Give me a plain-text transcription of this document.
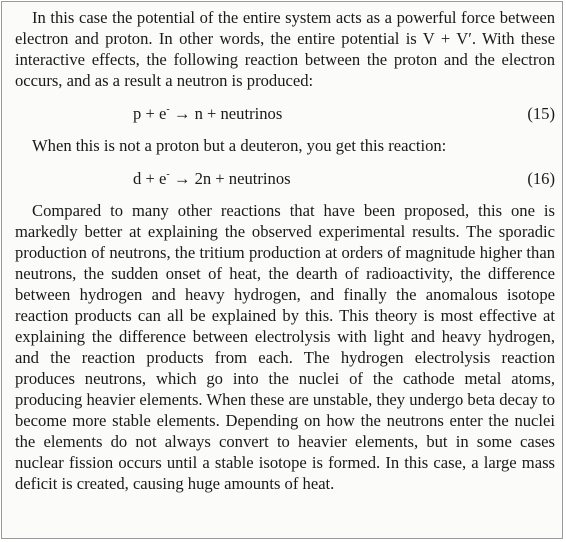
In this case the potential of the entire system acts as a powerful force between electron and proton. In other words, the entire potential is V + V′. With these interactive effects, the following reaction between the proton and the electron occurs, and as a result a neutron is produced:

p + e- → n + neutrinos	(15)

When this is not a proton but a deuteron, you get this reaction:

d + e- → 2n + neutrinos	(16)

Compared to many other reactions that have been proposed, this one is markedly better at explaining the observed experimental results. The sporadic production of neutrons, the tritium production at orders of magnitude higher than neutrons, the sudden onset of heat, the dearth of radioactivity, the difference between hydrogen and heavy hydrogen, and finally the anomalous isotope reaction products can all be explained by this. This theory is most effective at explaining the difference between electrolysis with light and heavy hydrogen, and the reaction products from each. The hydrogen electrolysis reaction produces neutrons, which go into the nuclei of the cathode metal atoms, producing heavier elements. When these are unstable, they undergo beta decay to become more stable elements. Depending on how the neutrons enter the nuclei the elements do not always convert to heavier elements, but in some cases nuclear fission occurs until a stable isotope is formed. In this case, a large mass deficit is created, causing huge amounts of heat.
